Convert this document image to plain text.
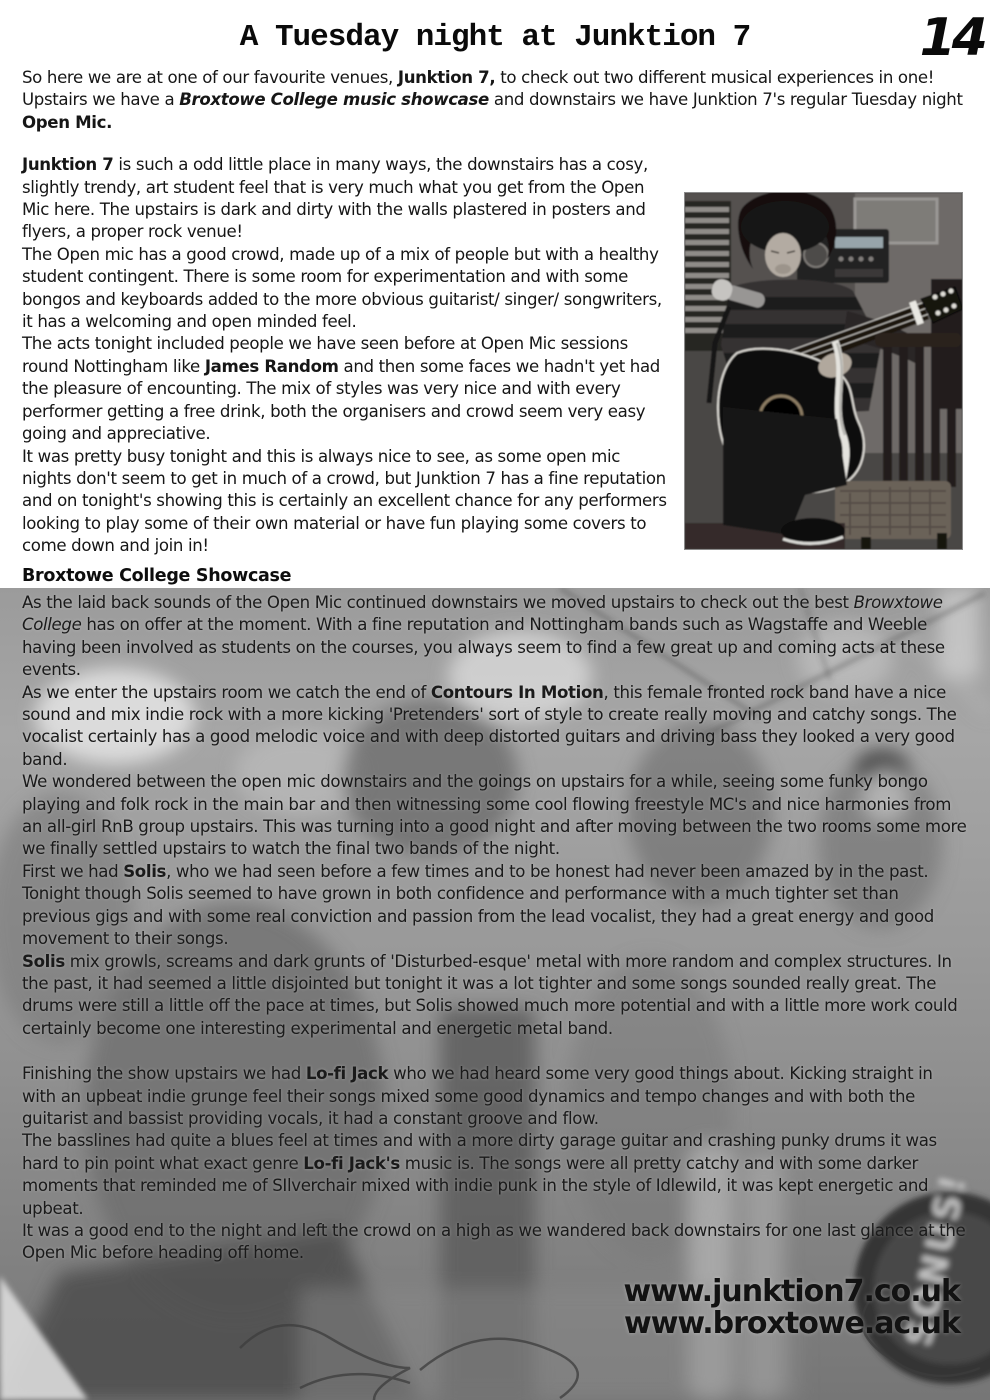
A Tuesday night at Junktion 7	14

So here we are at one of our favourite venues, Junktion 7, to check out two different musical experiences in one! Upstairs we have a Broxtowe College music showcase and downstairs we have Junktion 7's regular Tuesday night Open Mic.

Junktion 7 is such a odd little place in many ways, the downstairs has a cosy, slightly trendy, art student feel that is very much what you get from the Open Mic here. The upstairs is dark and dirty with the walls plastered in posters and flyers, a proper rock venue!

The Open mic has a good crowd, made up of a mix of people but with a healthy student contingent. There is some room for experimentation and with some bongos and keyboards added to the more obvious guitarist/ singer/ songwriters, it has a welcoming and open minded feel.

The acts tonight included people we have seen before at Open Mic sessions round Nottingham like James Random and then some faces we hadn't yet had the pleasure of encounting. The mix of styles was very nice and with every performer getting a free drink, both the organisers and crowd seem very easy going and appreciative.

It was pretty busy tonight and this is always nice to see, as some open mic nights don't seem to get in much of a crowd, but Junktion 7 has a fine reputation and on tonight's showing this is certainly an excellent chance for any performers looking to play some of their own material or have fun playing some covers to come down and join in!

Broxtowe College Showcase
SONUS!

As the laid back sounds of the Open Mic continued downstairs we moved upstairs to check out the best Browxtowe College has on offer at the moment. With a fine reputation and Nottingham bands such as Wagstaffe and Weeble having been involved as students on the courses, you always seem to find a few great up and coming acts at these events.

As we enter the upstairs room we catch the end of Contours In Motion, this female fronted rock band have a nice sound and mix indie rock with a more kicking 'Pretenders' sort of style to create really moving and catchy songs. The vocalist certainly has a good melodic voice and with deep distorted guitars and driving bass they looked a very good band.

We wondered between the open mic downstairs and the goings on upstairs for a while, seeing some funky bongo playing and folk rock in the main bar and then witnessing some cool flowing freestyle MC's and nice harmonies from an all-girl RnB group upstairs. This was turning into a good night and after moving between the two rooms some more we finally settled upstairs to watch the final two bands of the night.

First we had Solis, who we had seen before a few times and to be honest had never been amazed by in the past. Tonight though Solis seemed to have grown in both confidence and performance with a much tighter set than previous gigs and with some real conviction and passion from the lead vocalist, they had a great energy and good movement to their songs.

Solis mix growls, screams and dark grunts of 'Disturbed-esque' metal with more random and complex structures. In the past, it had seemed a little disjointed but tonight it was a lot tighter and some songs sounded really great. The drums were still a little off the pace at times, but Solis showed much more potential and with a little more work could certainly become one interesting experimental and energetic metal band.

Finishing the show upstairs we had Lo-fi Jack who we had heard some very good things about. Kicking straight in with an upbeat indie grunge feel their songs mixed some good dynamics and tempo changes and with both the guitarist and bassist providing vocals, it had a constant groove and flow.

The basslines had quite a blues feel at times and with a more dirty garage guitar and crashing punky drums it was hard to pin point what exact genre Lo-fi Jack's music is. The songs were all pretty catchy and with some darker moments that reminded me of SIlverchair mixed with indie punk in the style of Idlewild, it was kept energetic and upbeat.

It was a good end to the night and left the crowd on a high as we wandered back downstairs for one last glance at the Open Mic before heading off home.

www.junktion7.co.uk
www.broxtowe.ac.uk
